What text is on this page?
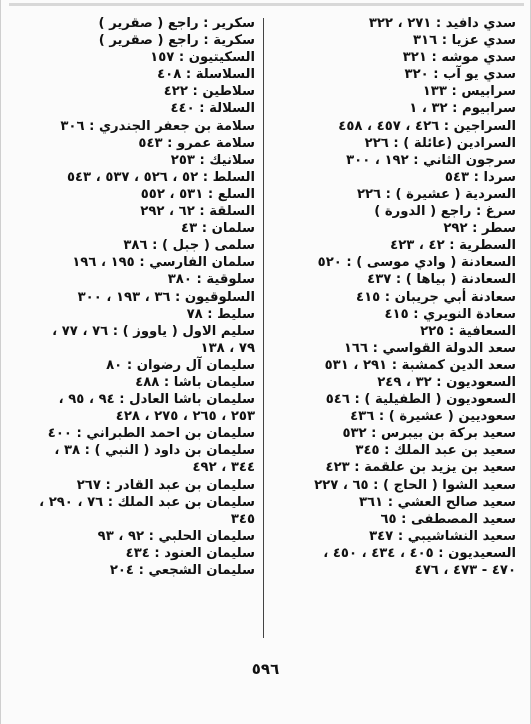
سدي دافيد : ٢٧١ ، ٣٢٢
سدي عزيا : ٣١٦
سدي موشه : ٣٢١
سدي يو آب : ٣٢٠
سرابيس : ١٣٣
سرابيوم : ٣٢ ، ١
السراجين : ٤٢٦ ، ٤٥٧ ، ٤٥٨
السرادين (عائلة ) : ٢٢٦
سرجون الثاني : ١٩٢ ، ٣٠٠
سردا : ٥٤٣
السردية ( عشيرة ) : ٢٢٦
سرغ : راجع ( الدورة )
سطر : ٢٩٢
السطرية : ٤٢ ، ٤٢٣
السعادنة ( وادي موسى ) : ٥٢٠
السعادنة ( بياها ) : ٤٣٧
سعادنة أبي جريبان : ٤١٥
سعادة النويري : ٤١٥
السعافية : ٢٢٥
سعد الدولة القواسي : ١٦٦
سعد الدين كمشبة : ٢٩١ ، ٥٣١
السعوديون : ٣٢ ، ٢٤٩
السعوديون ( الطفيلية ) : ٥٤٦
سعوديين ( عشيرة ) : ٤٣٦
سعيد بركة بن بيبرس : ٥٣٢
سعيد بن عبد الملك : ٣٤٥
سعيد بن يزيد بن علقمة : ٤٢٣
سعيد الشوا ( الحاج ) : ٦٥ ، ٢٢٧
سعيد صالح العشي : ٣٦١
سعيد المصطفى : ٦٥
سعيد النشاشيبي : ٣٤٧
السعيديون : ٤٠٥ ، ٤٣٤ ، ٤٥٠ ،
٤٧٠ - ٤٧٣ ، ٤٧٦
سكرير : راجع ( صقرير )
سكرية : راجع ( صقرير )
السكيتيون : ١٥٧
السلاسلة : ٤٠٨
سلاطين : ٤٢٢
السلالة : ٤٤٠
سلامة بن جعفر الجندري : ٣٠٦
سلامة عمرو : ٥٤٣
سلانيك : ٢٥٣
السلط : ٥٢ ، ٥٢٦ ، ٥٣٧ ، ٥٤٣
السلع : ٥٣١ ، ٥٥٢
السلقة : ٦٢ ، ٢٩٢
سلمان : ٤٣
سلمى ( جبل ) : ٣٨٦
سلمان الفارسي : ١٩٥ ، ١٩٦
سلوقية : ٣٨٠
السلوقيون : ٣٦ ، ١٩٣ ، ٣٠٠
سليط : ٧٨
سليم الاول ( ياووز ) : ٧٦ ، ٧٧ ،
٧٩ ، ١٣٨
سليمان آل رضوان : ٨٠
سليمان باشا : ٤٨٨
سليمان باشا العادل : ٩٤ ، ٩٥ ،
٢٥٣ ، ٢٦٥ ، ٢٧٥ ، ٤٢٨
سليمان بن احمد الطبراني : ٤٠٠
سليمان بن داود ( النبي ) : ٣٨ ،
٣٤٤ ، ٤٩٢
سليمان بن عبد القادر : ٢٦٧
سليمان بن عبد الملك : ٧٦ ، ٢٩٠ ،
٣٤٥
سليمان الحلبي : ٩٢ ، ٩٣
سليمان العنود : ٤٣٤
سليمان الشجعي : ٢٠٤
٥٩٦
